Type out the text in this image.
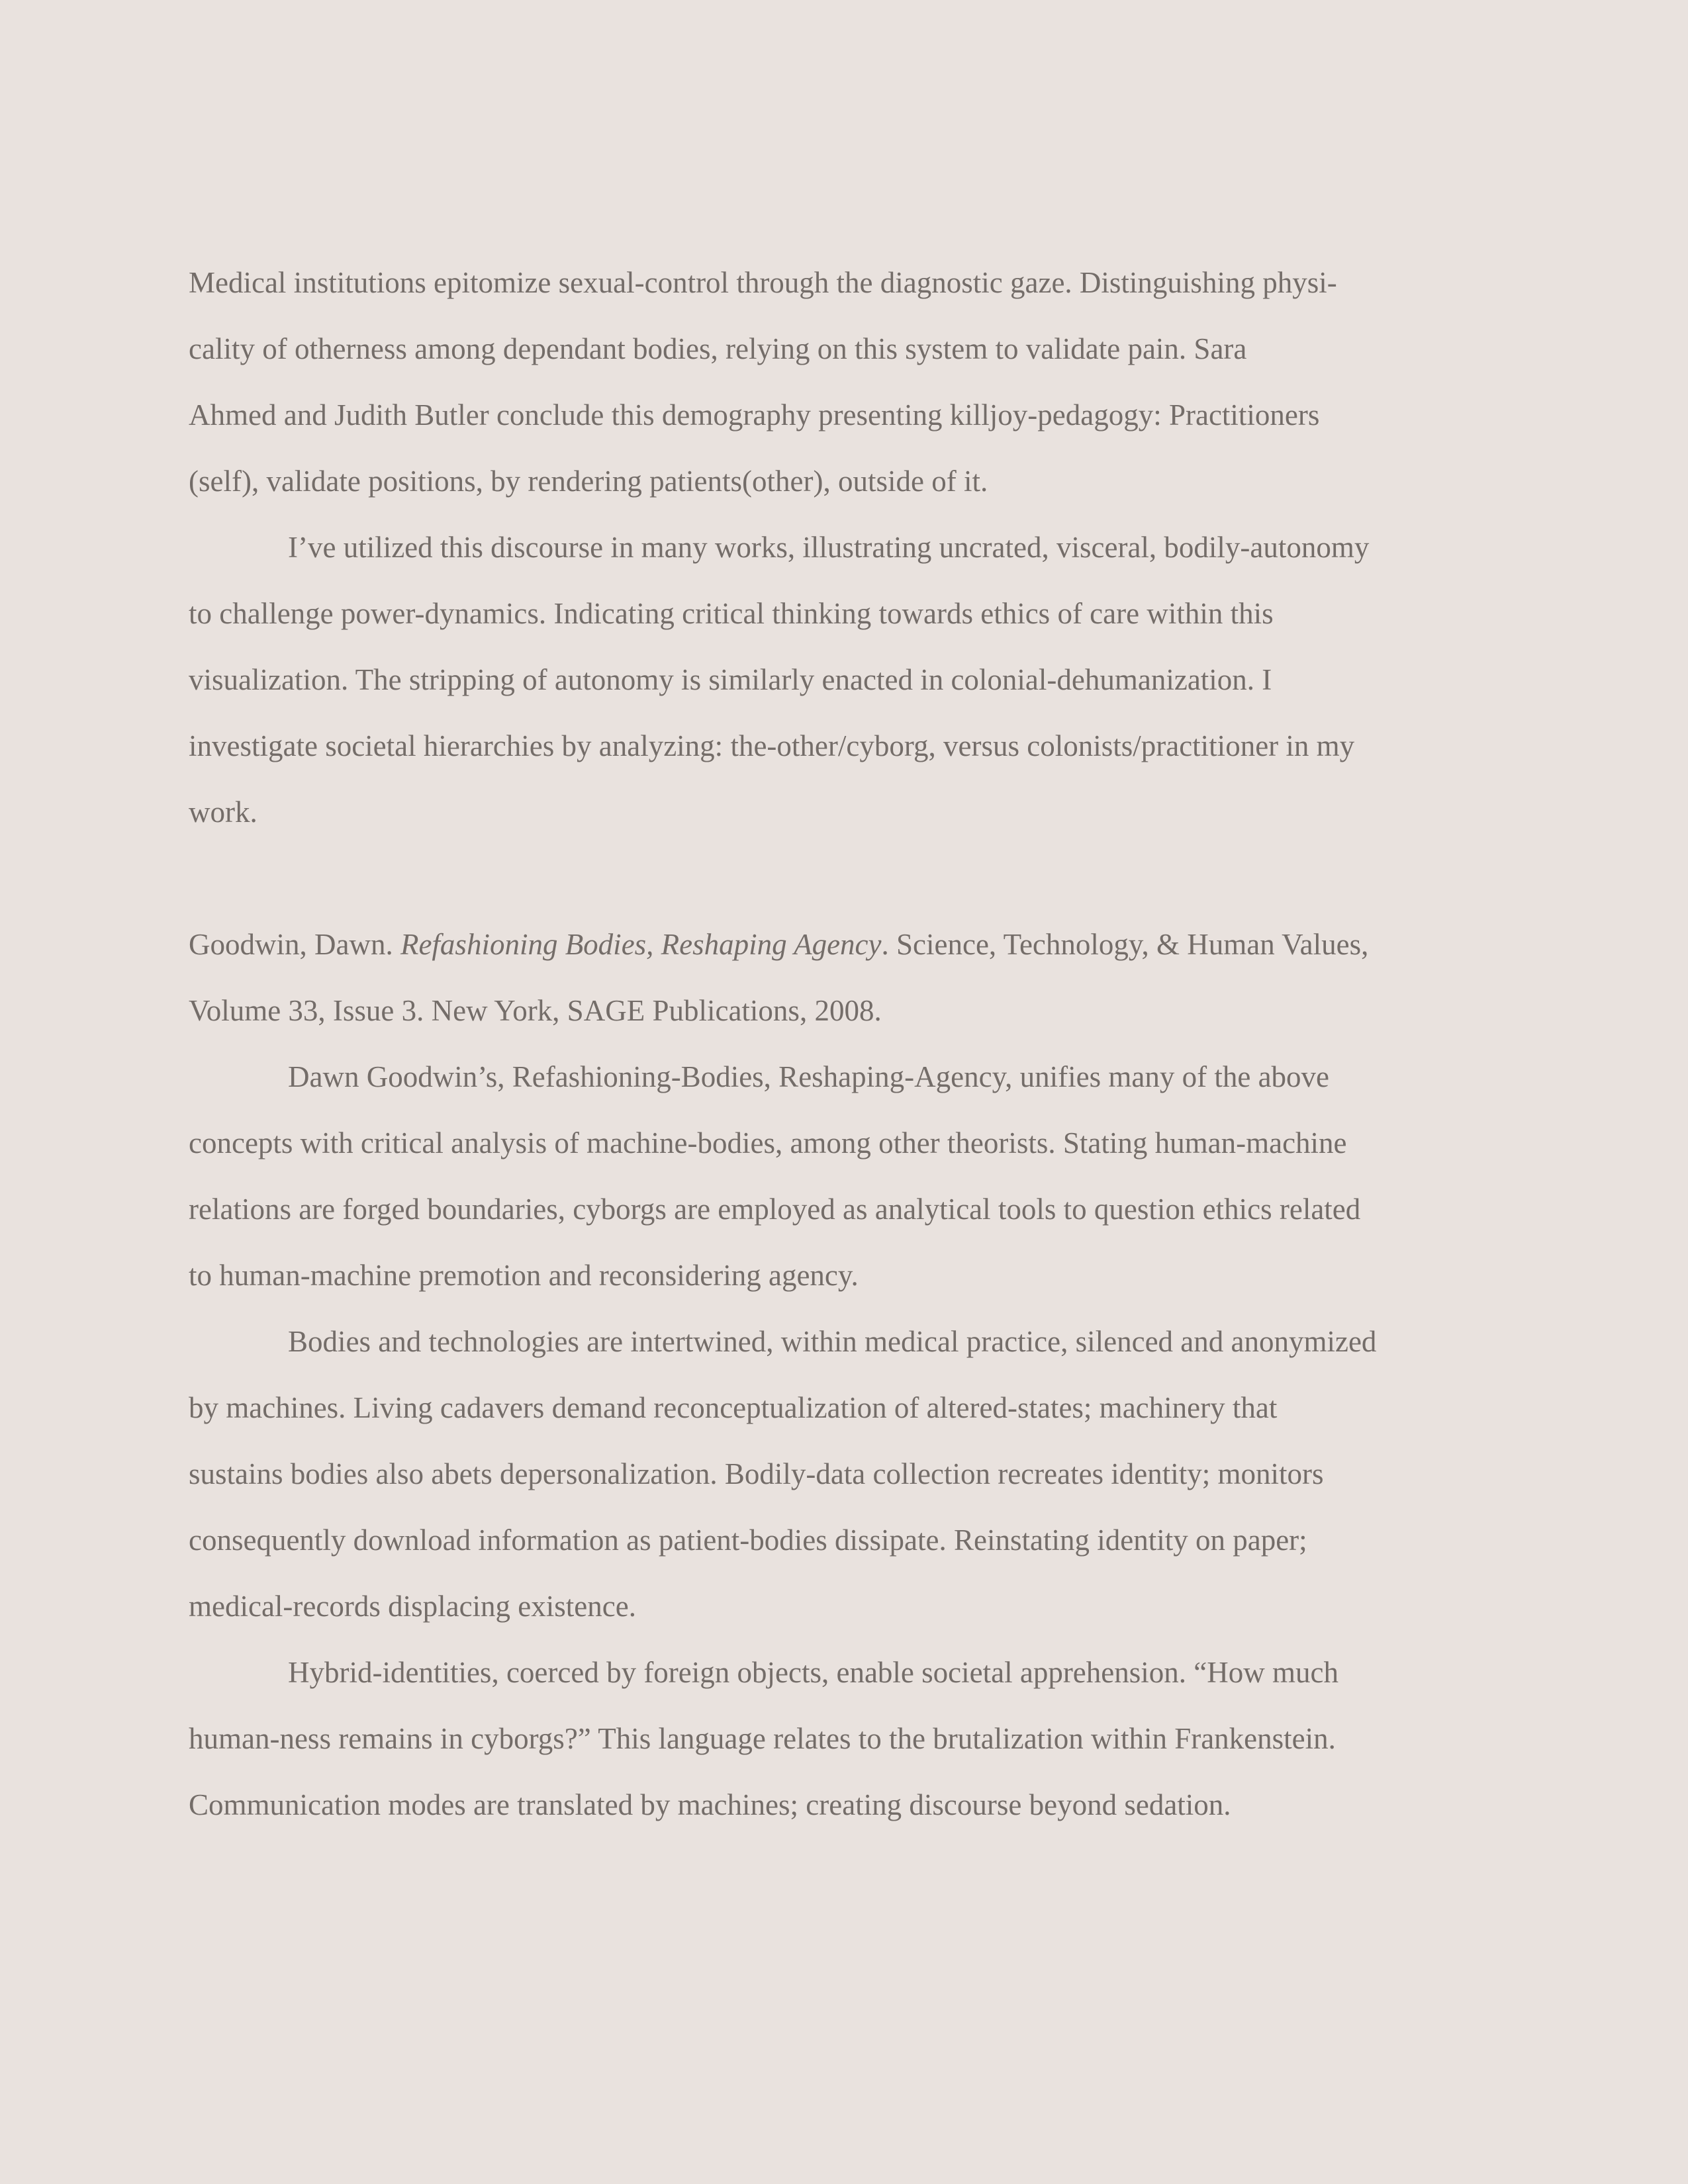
Medical institutions epitomize sexual-control through the diagnostic gaze. Distinguishing physi-
cality of otherness among dependant bodies, relying on this system to validate pain. Sara
Ahmed and Judith Butler conclude this demography presenting killjoy-pedagogy: Practitioners
(self), validate positions, by rendering patients(other), outside of it.
I’ve utilized this discourse in many works, illustrating uncrated, visceral, bodily-autonomy
to challenge power-dynamics. Indicating critical thinking towards ethics of care within this
visualization. The stripping of autonomy is similarly enacted in colonial-dehumanization. I
investigate societal hierarchies by analyzing: the-other/cyborg, versus colonists/practitioner in my
work.
Goodwin, Dawn. Refashioning Bodies, Reshaping Agency. Science, Technology, & Human Values,
Volume 33, Issue 3. New York, SAGE Publications, 2008.
Dawn Goodwin’s, Refashioning-Bodies, Reshaping-Agency, unifies many of the above
concepts with critical analysis of machine-bodies, among other theorists. Stating human-machine
relations are forged boundaries, cyborgs are employed as analytical tools to question ethics related
to human-machine premotion and reconsidering agency.
Bodies and technologies are intertwined, within medical practice, silenced and anonymized
by machines. Living cadavers demand reconceptualization of altered-states; machinery that
sustains bodies also abets depersonalization. Bodily-data collection recreates identity; monitors
consequently download information as patient-bodies dissipate. Reinstating identity on paper;
medical-records displacing existence.
Hybrid-identities, coerced by foreign objects, enable societal apprehension. “How much
human-ness remains in cyborgs?” This language relates to the brutalization within Frankenstein.
Communication modes are translated by machines; creating discourse beyond sedation.
